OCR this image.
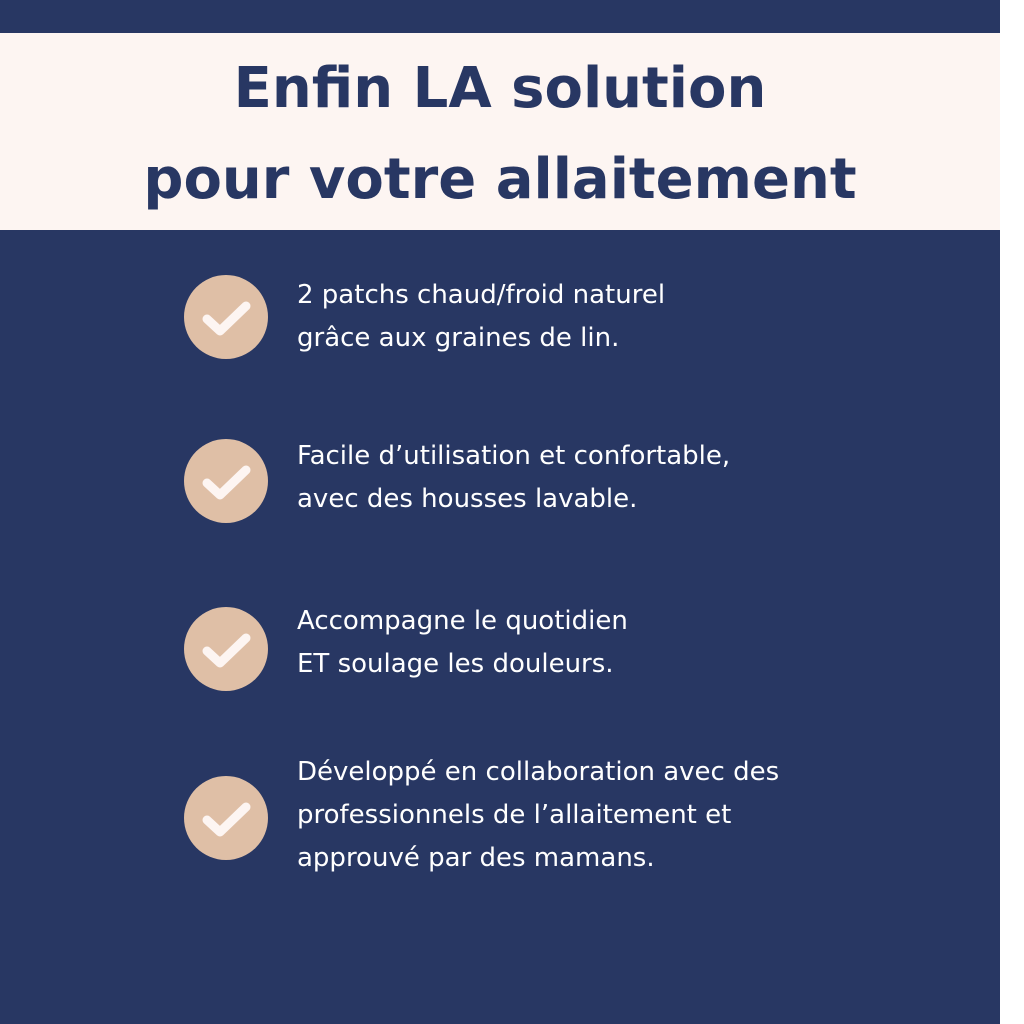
Enfin LA solution
pour votre allaitement
2 patchs chaud/froid naturel
grâce aux graines de lin.
Facile d’utilisation et confortable,
avec des housses lavable.
Accompagne le quotidien
ET soulage les douleurs.
Développé en collaboration avec des
professionnels de l’allaitement et
approuvé par des mamans.
